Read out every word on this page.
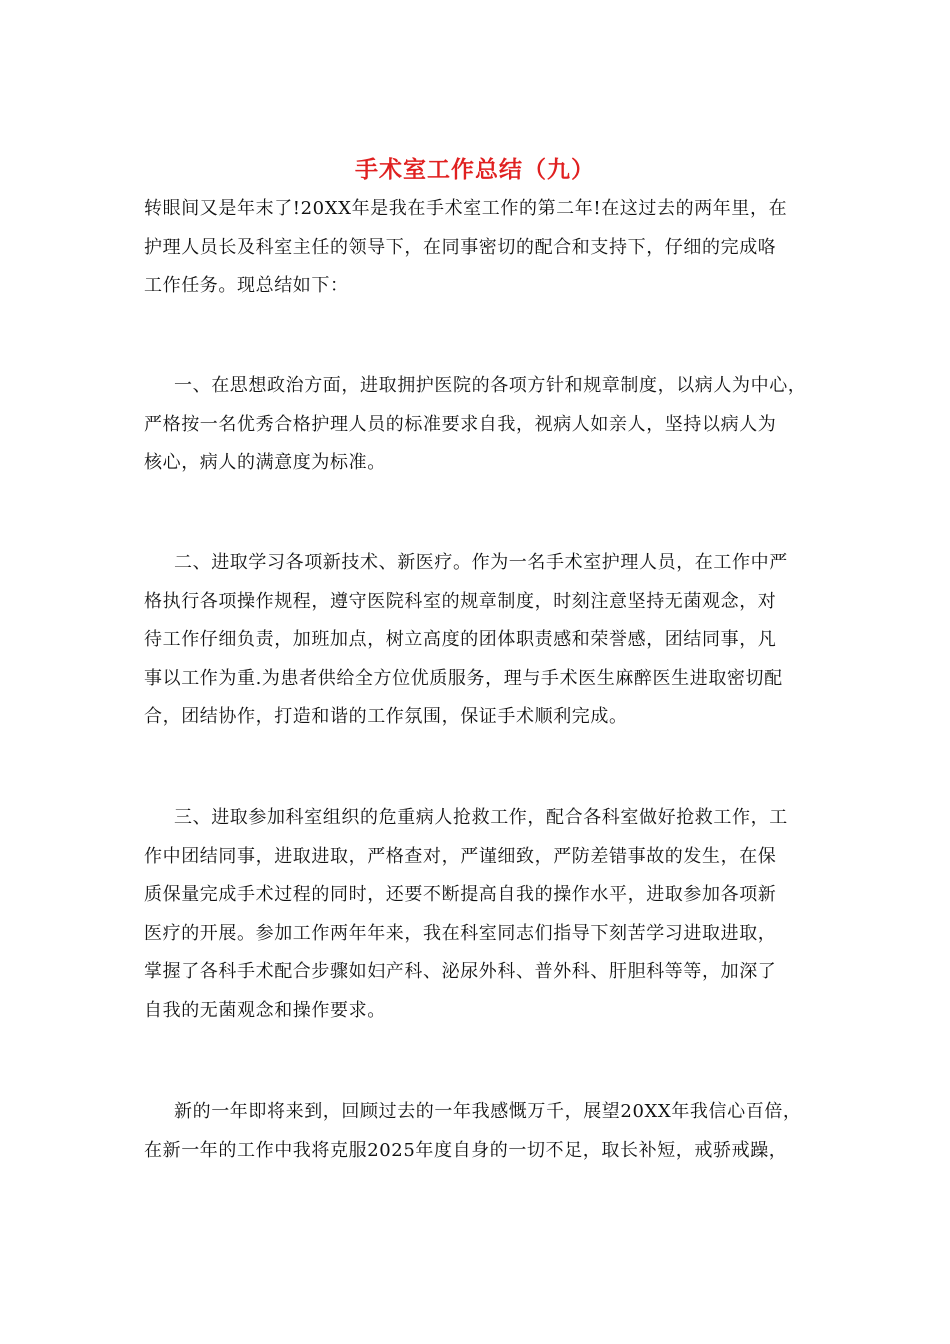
手术室工作总结（九）

转眼间又是年末了!20XX年是我在手术室工作的第二年!在这过去的两年里，在
护理人员长及科室主任的领导下，在同事密切的配合和支持下，仔细的完成咯
工作任务。现总结如下：

一、在思想政治方面，进取拥护医院的各项方针和规章制度，以病人为中心，
严格按一名优秀合格护理人员的标准要求自我，视病人如亲人，坚持以病人为
核心，病人的满意度为标准。

二、进取学习各项新技术、新医疗。作为一名手术室护理人员，在工作中严
格执行各项操作规程，遵守医院科室的规章制度，时刻注意坚持无菌观念，对
待工作仔细负责，加班加点，树立高度的团体职责感和荣誉感，团结同事，凡
事以工作为重.为患者供给全方位优质服务，理与手术医生麻醉医生进取密切配
合，团结协作，打造和谐的工作氛围，保证手术顺利完成。

三、进取参加科室组织的危重病人抢救工作，配合各科室做好抢救工作，工
作中团结同事，进取进取，严格查对，严谨细致，严防差错事故的发生，在保
质保量完成手术过程的同时，还要不断提高自我的操作水平，进取参加各项新
医疗的开展。参加工作两年年来，我在科室同志们指导下刻苦学习进取进取，
掌握了各科手术配合步骤如妇产科、泌尿外科、普外科、肝胆科等等，加深了
自我的无菌观念和操作要求。

新的一年即将来到，回顾过去的一年我感慨万千，展望20XX年我信心百倍，
在新一年的工作中我将克服2025年度自身的一切不足，取长补短，戒骄戒躁，
